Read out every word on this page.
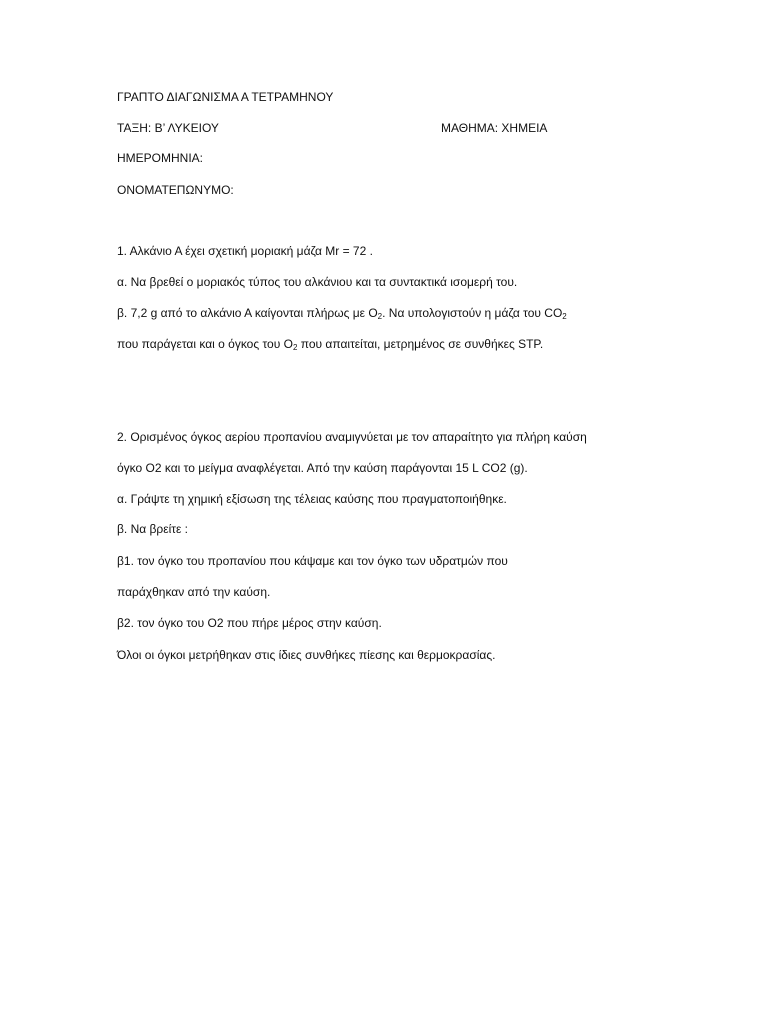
ΓΡΑΠΤΟ ΔΙΑΓΩΝΙΣΜΑ Α ΤΕΤΡΑΜΗΝΟΥ
ΤΑΞΗ: Β’ ΛΥΚΕΙΟΥ	ΜΑΘΗΜΑ: ΧΗΜΕΙΑ
ΗΜΕΡΟΜΗΝΙΑ:
ΟΝΟΜΑΤΕΠΩΝΥΜΟ:
1. Αλκάνιο Α έχει σχετική μοριακή μάζα Mr = 72 .
α. Να βρεθεί ο μοριακός τύπος του αλκάνιου και τα συντακτικά ισομερή του.
β. 7,2 g από το αλκάνιο Α καίγονται πλήρως με $O_2$. Να υπολογιστούν η μάζα του $CO_2$
που παράγεται και ο όγκος του $O_2$ που απαιτείται, μετρημένος σε συνθήκες STP.
2. Ορισμένος όγκος αερίου προπανίου αναμιγνύεται με τον απαραίτητο για πλήρη καύση
όγκο O2 και το μείγμα αναφλέγεται. Από την καύση παράγονται 15 L CO2 (g).
α. Γράψτε τη χημική εξίσωση της τέλειας καύσης που πραγματοποιήθηκε.
β. Να βρείτε :
β1. τον όγκο του προπανίου που κάψαμε και τον όγκο των υδρατμών που
παράχθηκαν από την καύση.
β2. τον όγκο του O2 που πήρε μέρος στην καύση.
Όλοι οι όγκοι μετρήθηκαν στις ίδιες συνθήκες πίεσης και θερμοκρασίας.
